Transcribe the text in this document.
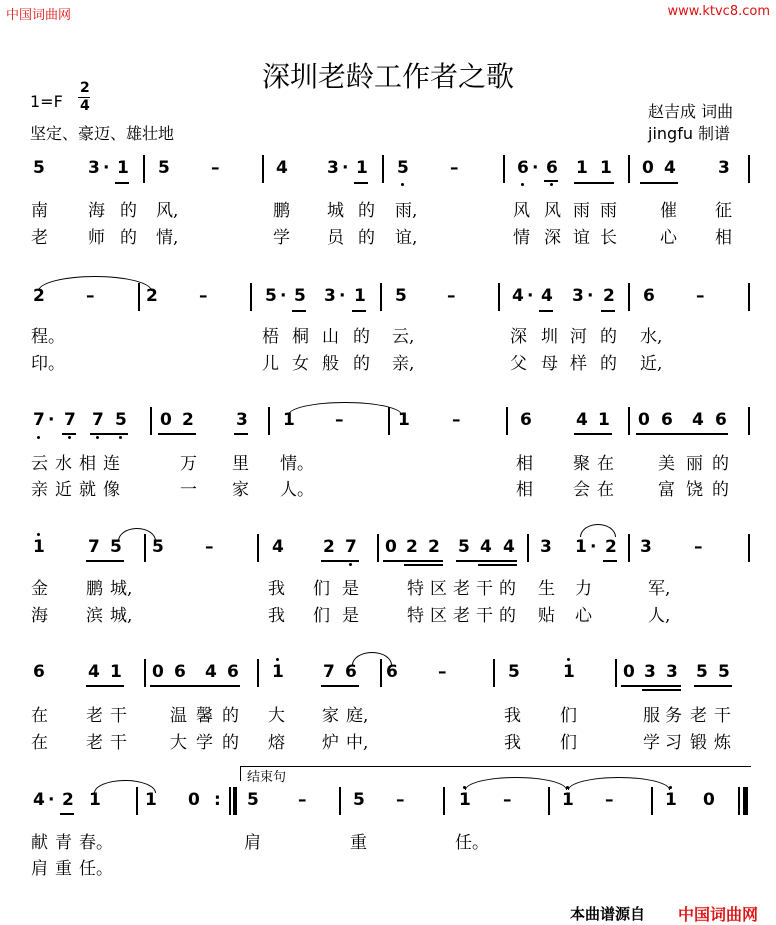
中国词曲网	www.ktvc8.com
深圳老龄工作者之歌
1=F
2
4
坚定、豪迈、雄壮地
赵吉成 词曲
jingfu 制谱
5	3 · 1 5 –	4 3 · 1 5 –	6 · 6 1 1 0 4 3
南 海 的 风,	鹏 城 的 雨,	风 风 雨 雨	催 征
老 师 的 情,	学 员 的 谊,	情 深 谊 长	心 相
2 –	2 –	5 · 5 3 · 1 5 –	4 · 4 3 · 2 6 –
程。	梧 桐 山 的 云,	深 圳 河 的 水,
印。	儿 女 般 的 亲,	父 母 样 的 近,
7 · 7 7 5 0 2 3 1 –	1 –	6	4 1 0 6 4 6
云 水 相 连	万 里 情。	相 聚 在	美 丽 的
亲 近 就 像	一 家 人。	相 会 在	富 饶 的
1	7 5 5 –	4 2 7 0 2 2 5 4 4 3 1 · 2 3 –
金 鹏 城,	我 们 是	特 区 老 干 的 生 力	军,
海 滨 城,	我 们 是	特 区 老 干 的 贴 心	人,
6	4 1 0 6 4 6 1 7 6 6 –	5	1	0 3 3 5 5
在 老 干	温 馨 的 大 家 庭,	我 们	服 务 老 干
在 老 干	大 学 的 熔 炉 中,	我 们	学 习 锻 炼
结束句
4 · 2 1	1 0 : 5 –	5 –	1 –	1 –	1 0
献 青 春。	肩	重	任。
肩 重 任。
本曲谱源自 中国词曲网
